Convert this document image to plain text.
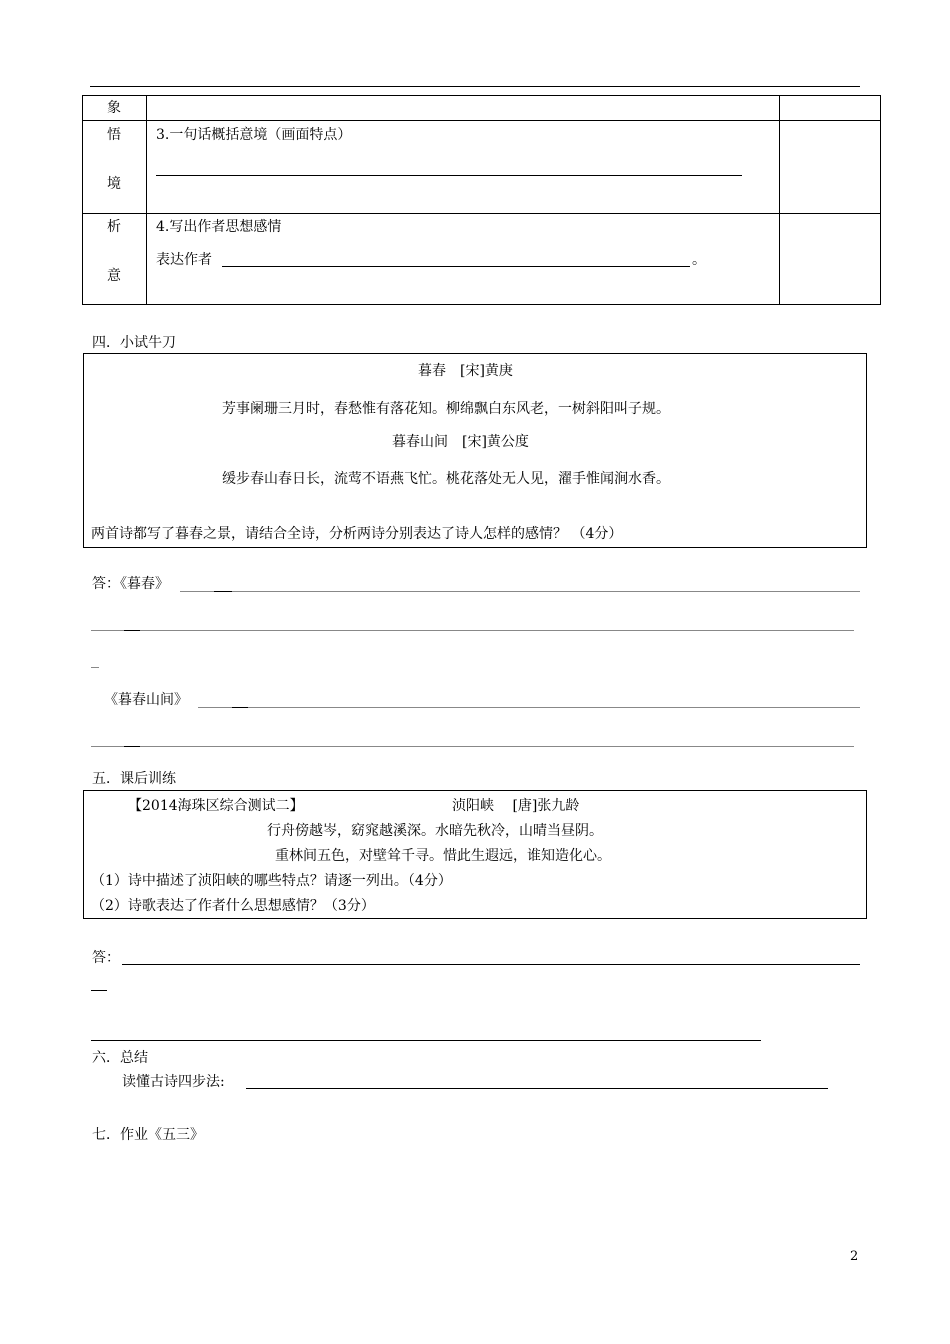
象
悟
境
3.一句话概括意境（画面特点）
析
意
4.写出作者思想感情
表达作者	。
四．小试牛刀
暮春　[宋]黄庚
芳事阑珊三月时，春愁惟有落花知。柳绵飘白东风老，一树斜阳叫子规。
暮春山间　[宋]黄公度
缓步春山春日长，流莺不语燕飞忙。桃花落处无人见，濯手惟闻涧水香。
两首诗都写了暮春之景，请结合全诗，分析两诗分别表达了诗人怎样的感情？ （4分）
答：《暮春》
《暮春山间》
五．课后训练
【2014海珠区综合测试二】	浈阳峡　 [唐]张九龄
行舟傍越岑，窈窕越溪深。水暗先秋冷，山晴当昼阴。
重林间五色，对壁耸千寻。惜此生遐远，谁知造化心。
（1）诗中描述了浈阳峡的哪些特点？请逐一列出。（4分）
（2）诗歌表达了作者什么思想感情？（3分）
答：
六．总结
读懂古诗四步法:
七．作业《五三》
2
